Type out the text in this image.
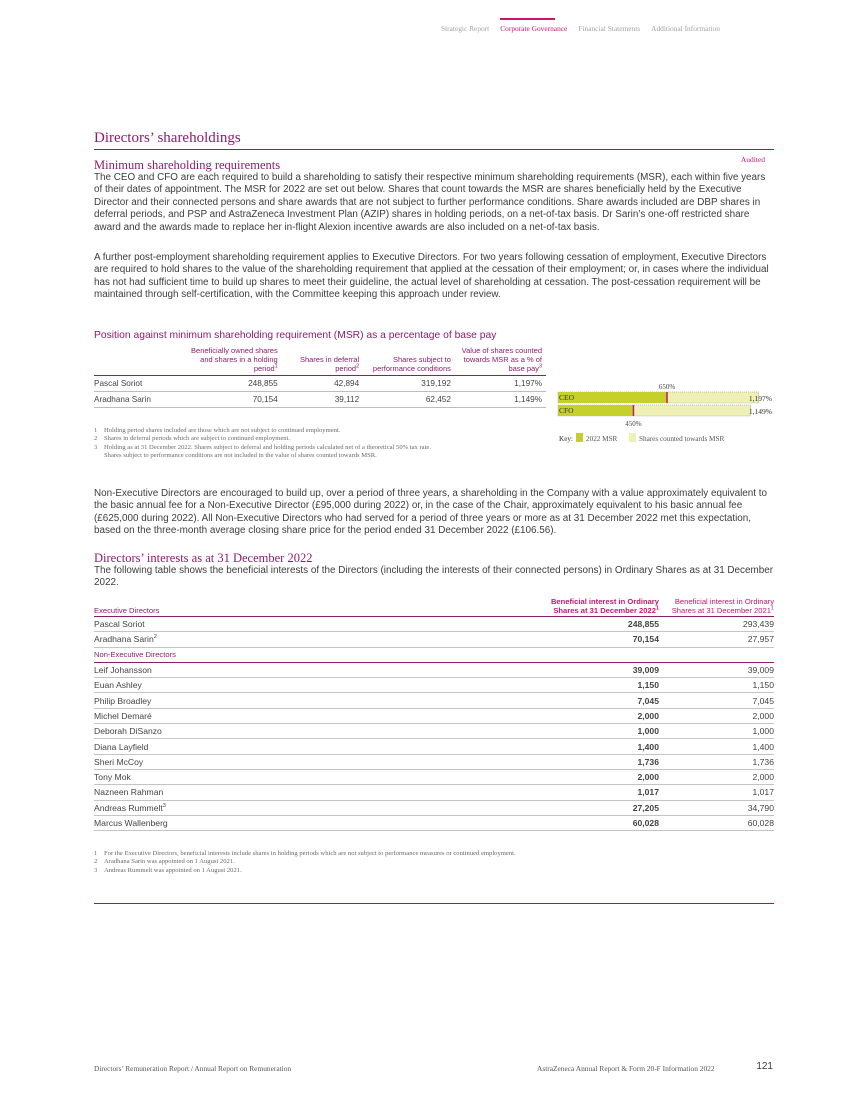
Strategic Report Corporate Governance Financial Statements Additional Information
Directors’ shareholdings
Minimum shareholding requirements	Audited

The CEO and CFO are each required to build a shareholding to satisfy their respective minimum shareholding requirements (MSR), each within five years of their dates of appointment. The MSR for 2022 are set out below. Shares that count towards the MSR are shares beneficially held by the Executive Director and their connected persons and share awards that are not subject to further performance conditions. Share awards included are DBP shares in deferral periods, and PSP and AstraZeneca Investment Plan (AZIP) shares in holding periods, on a net-of-tax basis. Dr Sarin’s one-off restricted share award and the awards made to replace her in-flight Alexion incentive awards are also included on a net-of-tax basis.

A further post-employment shareholding requirement applies to Executive Directors. For two years following cessation of employment, Executive Directors are required to hold shares to the value of the shareholding requirement that applied at the cessation of their employment; or, in cases where the individual has not had sufficient time to build up shares to meet their guideline, the actual level of shareholding at cessation. The post-cessation requirement will be maintained through self-certification, with the Committee keeping this approach under review.

Position against minimum shareholding requirement (MSR) as a percentage of base pay

	Beneficially owned shares and shares in a holding period$^1$	Shares in deferral period$^2$	Shares subject to performance conditions	Value of shares counted towards MSR as a % of base pay$^3$
Pascal Soriot	248,855	42,894	319,192	1,197%
Aradhana Sarin	70,154	39,112	62,452	1,149%
1 Holding period shares included are those which are not subject to continued employment.
2 Shares in deferral periods which are subject to continued employment.
3 Holding as at 31 December 2022. Shares subject to deferral and holding periods calculated net of a theoretical 50% tax rate.
Shares subject to performance conditions are not included in the value of shares counted towards MSR.
CEO
CFO
1,197%
1,149%
650%
450%
Key: 2022 MSR	Shares counted towards MSR

Non-Executive Directors are encouraged to build up, over a period of three years, a shareholding in the Company with a value approximately equivalent to the basic annual fee for a Non-Executive Director (£95,000 during 2022) or, in the case of the Chair, approximately equivalent to his basic annual fee (£625,000 during 2022). All Non-Executive Directors who had served for a period of three years or more as at 31 December 2022 met this expectation, based on the three-month average closing share price for the period ended 31 December 2022 (£106.56).

Directors’ interests as at 31 December 2022

The following table shows the beneficial interests of the Directors (including the interests of their connected persons) in Ordinary Shares as at 31 December 2022.

Executive Directors	Beneficial interest in Ordinary Shares at 31 December 2022$^1$	Beneficial interest in Ordinary Shares at 31 December 2021$^1$
Pascal Soriot	248,855	293,439
Aradhana Sarin$^2$	70,154	27,957
Non-Executive Directors		
Leif Johansson	39,009	39,009
Euan Ashley	1,150	1,150
Philip Broadley	7,045	7,045
Michel Demaré	2,000	2,000
Deborah DiSanzo	1,000	1,000
Diana Layfield	1,400	1,400
Sheri McCoy	1,736	1,736
Tony Mok	2,000	2,000
Nazneen Rahman	1,017	1,017
Andreas Rummelt$^3$	27,205	34,790
Marcus Wallenberg	60,028	60,028
1 For the Executive Directors, beneficial interests include shares in holding periods which are not subject to performance measures or continued employment.
2 Aradhana Sarin was appointed on 1 August 2021.
3 Andreas Rummelt was appointed on 1 August 2021.
Directors’ Remuneration Report / Annual Report on Remuneration	AstraZeneca Annual Report & Form 20-F Information 2022	121
